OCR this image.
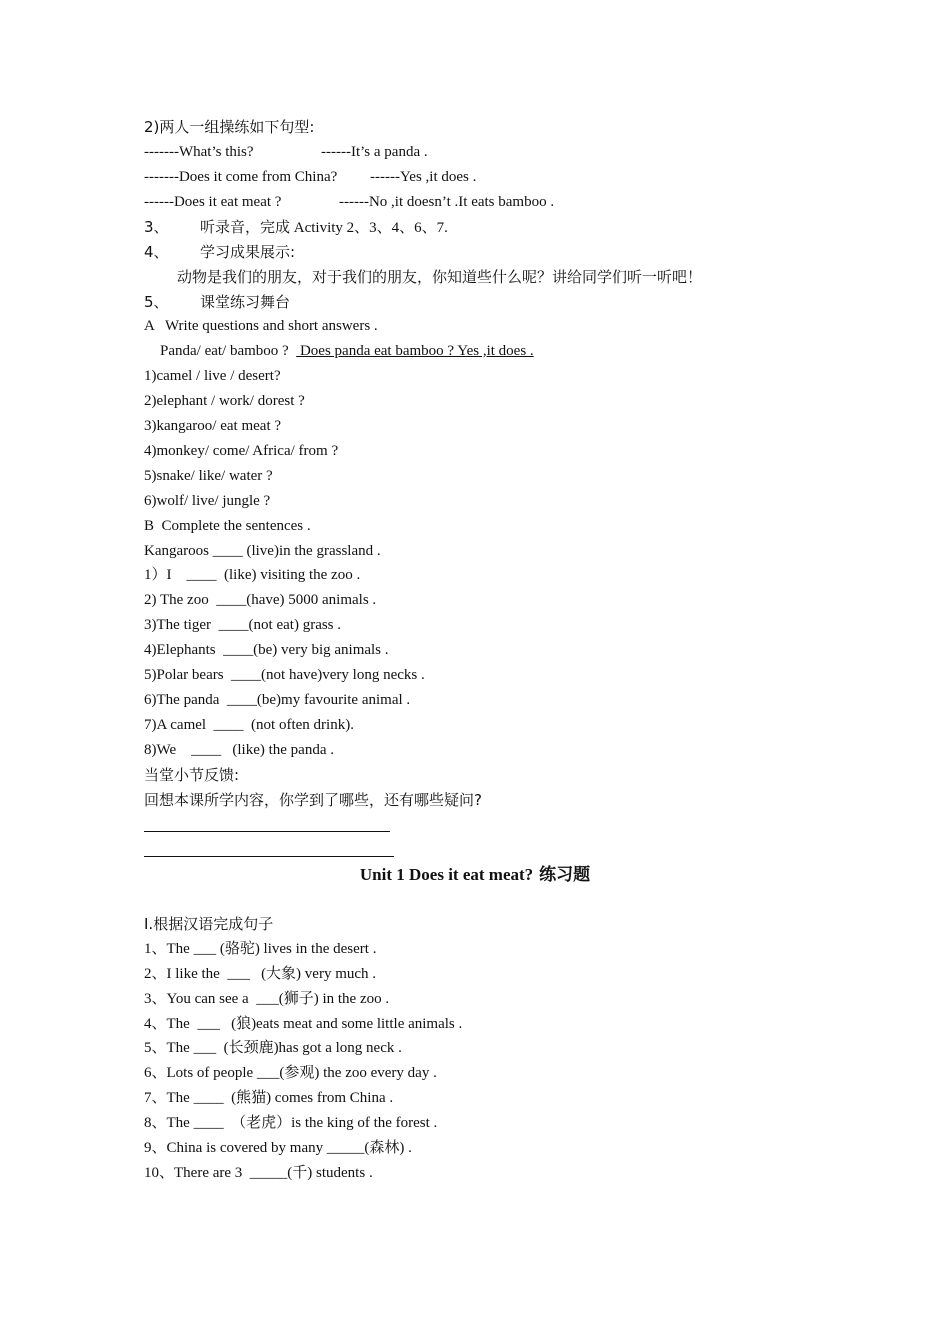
2)两人一组操练如下句型:
-------What’s this?	------It’s a panda .
-------Does it come from China? ------Yes ,it does .
------Does it eat meat ?	------No ,it doesn’t .It eats bamboo .
3、 听录音，完成 Activity 2、3、4、6、7.
4、 学习成果展示:
动物是我们的朋友，对于我们的朋友，你知道些什么呢？讲给同学们听一听吧！
5、 课堂练习舞台
A   Write questions and short answers .
Panda/ eat/ bamboo ?   Does panda eat bamboo ? Yes ,it does .
1)camel / live / desert?
2)elephant / work/ dorest ?
3)kangaroo/ eat meat ?
4)monkey/ come/ Africa/ from ?
5)snake/ like/ water ?
6)wolf/ live/ jungle ?
B  Complete the sentences .
Kangaroos ____ (live)in the grassland .
1）I    ____  (like) visiting the zoo .
2) The zoo  ____(have) 5000 animals .
3)The tiger  ____(not eat) grass .
4)Elephants  ____(be) very big animals .
5)Polar bears  ____(not have)very long necks .
6)The panda  ____(be)my favourite animal .
7)A camel  ____  (not often drink).
8)We    ____   (like) the panda .
当堂小节反馈:
回想本课所学内容，你学到了哪些，还有哪些疑问?
Unit 1 Does it eat meat? 练习题
I.根据汉语完成句子
1、The ___ (骆驼) lives in the desert .
2、I like the  ___   (大象) very much .
3、You can see a  ___(狮子) in the zoo .
4、The  ___   (狼)eats meat and some little animals .
5、The ___  (长颈鹿)has got a long neck .
6、Lots of people ___(参观) the zoo every day .
7、The ____  (熊猫) comes from China .
8、The ____  （老虎）is the king of the forest .
9、China is covered by many _____(森林) .
10、There are 3  _____(千) students .
